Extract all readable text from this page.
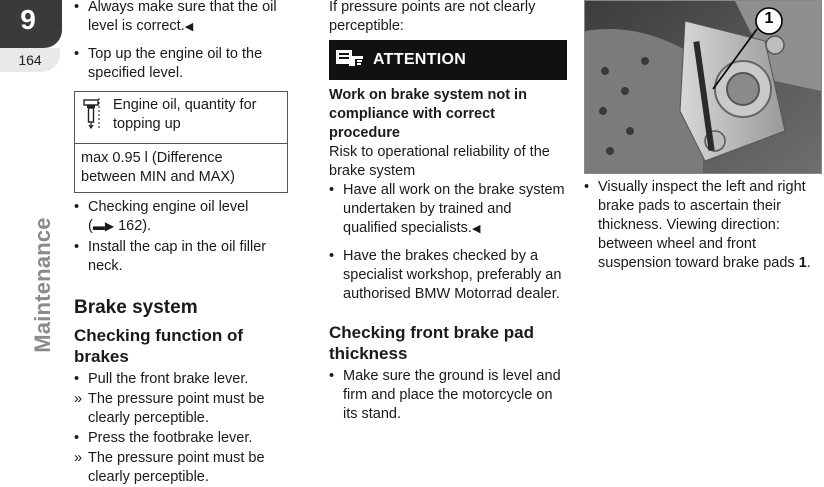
9
164
Maintenance

• Always make sure that the oil level is correct.◀

• Top up the engine oil to the specified level.

Engine oil, quantity for topping up
max 0.95 l (Difference between MIN and MAX)

• Checking engine oil level
(▬▶ 162).

• Install the cap in the oil filler neck.

Brake system
Checking function of brakes

• Pull the front brake lever.

» The pressure point must be clearly perceptible.

• Press the footbrake lever.

» The pressure point must be clearly perceptible.

If pressure points are not clearly perceptible:

ATTENTION
Work on brake system not in compliance with correct procedure

Risk to operational reliability of the brake system

• Have all work on the brake system undertaken by trained and qualified specialists.◀

• Have the brakes checked by a specialist workshop, preferably an authorised BMW Motorrad dealer.

Checking front brake pad thickness

• Make sure the ground is level and firm and place the motorcycle on its stand.

1

• Visually inspect the left and right brake pads to ascertain their thickness. Viewing direction: between wheel and front suspension toward brake pads 1.
